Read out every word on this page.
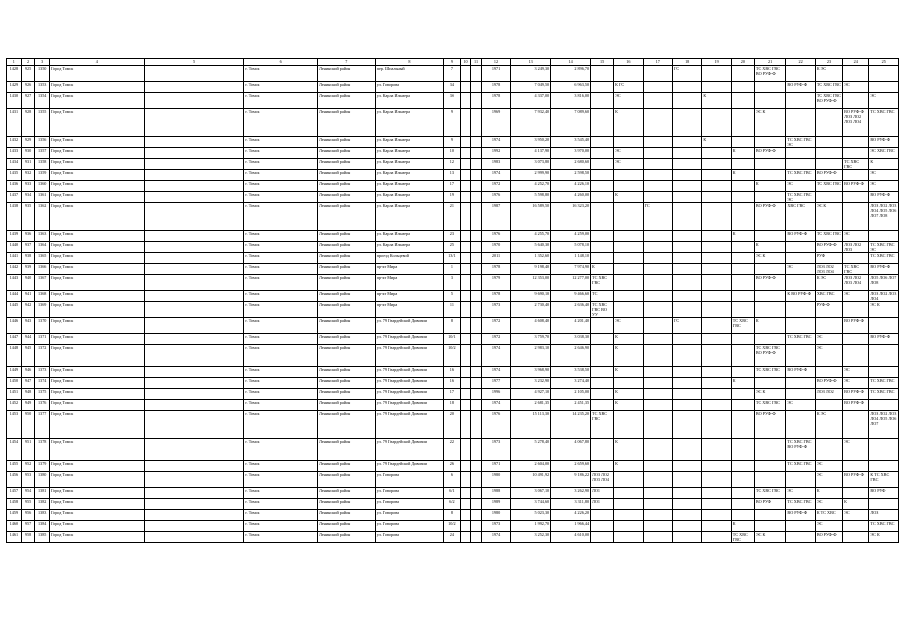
1	2	3	4	5	6	7	8	9	10	11	12	13	14	15	16	17	18	19	20	21	22	23	24	25
1428	925	1350	Город Томск		г. Томск	Ленинский район	пер. Шпальный	7			1971	3 249,30	2 896,70				ГС			ТС ХВС ГВС ВО РУФ-Ф		К ЭС		
1429	926	1353	Город Томск		г. Томск	Ленинский район	ул. Говорова	34			1978	7 049,50	6 963,50		К ГС						ВО РУФ-Ф	ТС ХВС ГВС	ЭС	
1430	927	1354	Город Томск		г. Томск	Ленинский район	ул. Карла Ильмера	3б			1978	4 337,00	3 816,00		ЭС			К				ТС ХВС ГВС ВО РУФ-Ф		ЭС
1431	928	1355	Город Томск		г. Томск	Ленинский район	ул. Карла Ильмера	9			1969	7 932,40	7 089,60		К					ЭС К			ВО РУФ-Ф ЛОЗ ЛО2 ЛО3 ЛО4	ТС ХВС ГВС
1432	929	1356	Город Томск		г. Томск	Ленинский район	ул. Карла Ильмера	9			1974	3 950,20	3 545,40					К			ТС ХВС ГВС ЭС			ВО РУФ-Ф
1433	930	1357	Город Томск		г. Томск	Ленинский район	ул. Карла Ильмера	10			1992	4 137,90	3 970,00		ЭС				К	ВО РУФ-Ф				ЭС ХВС ГВС
1434	931	1358	Город Томск		г. Томск	Ленинский район	ул. Карла Ильмера	12			1983	3 073,80	2 680,60		ЭС								ТС ХВС ГВС	К
1435	932	1359	Город Томск		г. Томск	Ленинский район	ул. Карла Ильмера	13			1974	2 999,90	2 598,50						К		ТС ХВС ГВС	ВО РУФ-Ф		ЭС
1436	933	1360	Город Томск		г. Томск	Ленинский район	ул. Карла Ильмера	17			1972	4 252,70	4 226,10							К	ЭС	ТС ХВС ГВС	ВО РУФ-Ф	ЭС
1437	934	1361	Город Томск		г. Томск	Ленинский район	ул. Карла Ильмера	19			1976	5 598,80	4 260,00		К						ТС ХВС ГВС ЭС			ВО РУФ-Ф
1438	935	1362	Город Томск		г. Томск	Ленинский район	ул. Карла Ильмера	21			1987	16 589,50	16 323,20			ГС				ВО РУФ-Ф	ХВС ГВС	ЭС К		ЛОЗ ЛО2 ЛО3 ЛО4 ЛО5 ЛО6 ЛО7 ЛО8
1439	936	1363	Город Томск		г. Томск	Ленинский район	ул. Карла Ильмера	23			1976	4 255,70	4 259,00						К		ВО РУФ-Ф	ТС ХВС ГВС	ЭС	
1440	937	1364	Город Томск		г. Томск	Ленинский район	ул. Карла Ильмера	25			1970	5 640,30	5 078,10							К		ВО РУФ-Ф	ЛОЗ ЛО2 ЛО3	ТС ХВС ГВС ЭС
1441	938	1365	Город Томск		г. Томск	Ленинский район	проезд Кольцевой	13/1			2011	1 352,60	1 148,10							ЭС К		РУФ		ТС ХВС ГВС
1442	939	1366	Город Томск		г. Томск	Ленинский район	пр-кт Мира	1			1978	9 198,40	7 974,90	К							ЭС	ЛОЗ ЛО2 ЛО3 ЛО4	ТС ХВС ГВС	ВО РУФ-Ф
1443	940	1367	Город Томск		г. Томск	Ленинский район	пр-кт Мира	3			1979	12 353,00	12 277,00	ТС ХВС ГВС						ВО РУФ-Ф		К ЭС	ЛОЗ ЛО2 ЛО3 ЛО4	ЛО5 ЛО6 ЛО7 ЛО8
1444	941	1368	Город Томск		г. Томск	Ленинский район	пр-кт Мира	5			1978	9 690,10	9 466,60	ТС							К ВО РУФ-Ф	ХВС ГВС	ЭС	ЛОЗ ЛО2 ЛО3 ЛО4
1445	942	1369	Город Томск		г. Томск	Ленинский район	пр-кт Мира	11			1973	2 730,40	2 636,40	ТС ХВС ГВС ВО УУ								РУФ-Ф		ЭС К
1446	943	1370	Город Томск		г. Томск	Ленинский район	ул. 79 Гвардейской Дивизии	8			1972	4 608,40	4 201,40		ЭС		ГС		ТС ХВС ГВС	К			ВО РУФ-Ф	
1447	944	1371	Город Томск		г. Томск	Ленинский район	ул. 79 Гвардейской Дивизии	10/1			1972	3 759,70	3 038,30		К						ТС ХВС ГВС	ЭС		ВО РУФ-Ф
1448	945	1372	Город Томск		г. Томск	Ленинский район	ул. 79 Гвардейской Дивизии	10/2			1974	2 983,10	2 646,90		К					ТС ХВС ГВС ВО РУФ-Ф		ЭС		
1449	946	1373	Город Томск		г. Томск	Ленинский район	ул. 79 Гвардейской Дивизии	16			1974	3 968,90	3 538,50		К					ТС ХВС ГВС	ВО РУФ-Ф		ЭС	
1450	947	1374	Город Томск		г. Томск	Ленинский район	ул. 79 Гвардейской Дивизии	16			1977	3 232,90	3 274,40						К			ВО РУФ-Ф	ЭС	ТС ХВС ГВС
1451	948	1375	Город Томск		г. Томск	Ленинский район	ул. 79 Гвардейской Дивизии	17			1996	4 927,10	2 105,00		К					ЭС К		ЛОЗ ЛО2	ВО РУФ-Ф	ТС ХВС ГВС
1452	949	1376	Город Томск		г. Томск	Ленинский район	ул. 79 Гвардейской Дивизии	18			1974	2 681,35	2 451,35		К					ТС ХВС ГВС	ЭС		ВО РУФ-Ф	
1453	950	1377	Город Томск		г. Томск	Ленинский район	ул. 79 Гвардейской Дивизии	20			1976	15 113,30	14 235,20	ТС ХВС ГВС						ВО РУФ-Ф		К ЭС		ЛОЗ ЛО2 ЛО3 ЛО4 ЛО5 ЛО6 ЛО7
1454	951	1378	Город Томск		г. Томск	Ленинский район	ул. 79 Гвардейской Дивизии	22			1973	5 278,40	4 067,80		К						ТС ХВС ГВС ВО РУФ-Ф		ЭС	
1455	952	1379	Город Томск		г. Томск	Ленинский район	ул. 79 Гвардейской Дивизии	26			1971	2 604,00	2 659,60		К						ТС ХВС ГВС	ЭС		
1456	953	1380	Город Томск		г. Томск	Ленинский район	ул. Говорова	6			1980	10 491,92	9 186,22	ЛОЗ ЛО2 ЛО3 ЛО4								ЭС	ВО РУФ-Ф	К ТС ХВС ГВС
1457	954	1381	Город Томск		г. Томск	Ленинский район	ул. Говорова	6/1			1988	3 067,10	3 262,90	ЛО1						ТС ХВС ГВС	ЭС	К		ВО РУФ
1458	955	1382	Город Томск		г. Томск	Ленинский район	ул. Говорова	6/2			1989	3 744,60	3 311,80	ЛО1						ВО РУФ	ТС ХВС ГВС	ЭС	К	
1459	956	1383	Город Томск		г. Томск	Ленинский район	ул. Говорова	8			1980	5 023,30	4 226,20								ВО РУФ-Ф	К ТС ХВС	ЭС	ЛОЗ
1460	957	1384	Город Томск		г. Томск	Ленинский район	ул. Говорова	10/2			1973	1 992,70	1 966,44						К			ЭС		ТС ХВС ГВС
1461	958	1385	Город Томск		г. Томск	Ленинский район	ул. Говорова	24			1974	3 252,30	4 610,00						ТС ХВС ГВС	ЭС К		ВО РУФ-Ф		ЭС К
